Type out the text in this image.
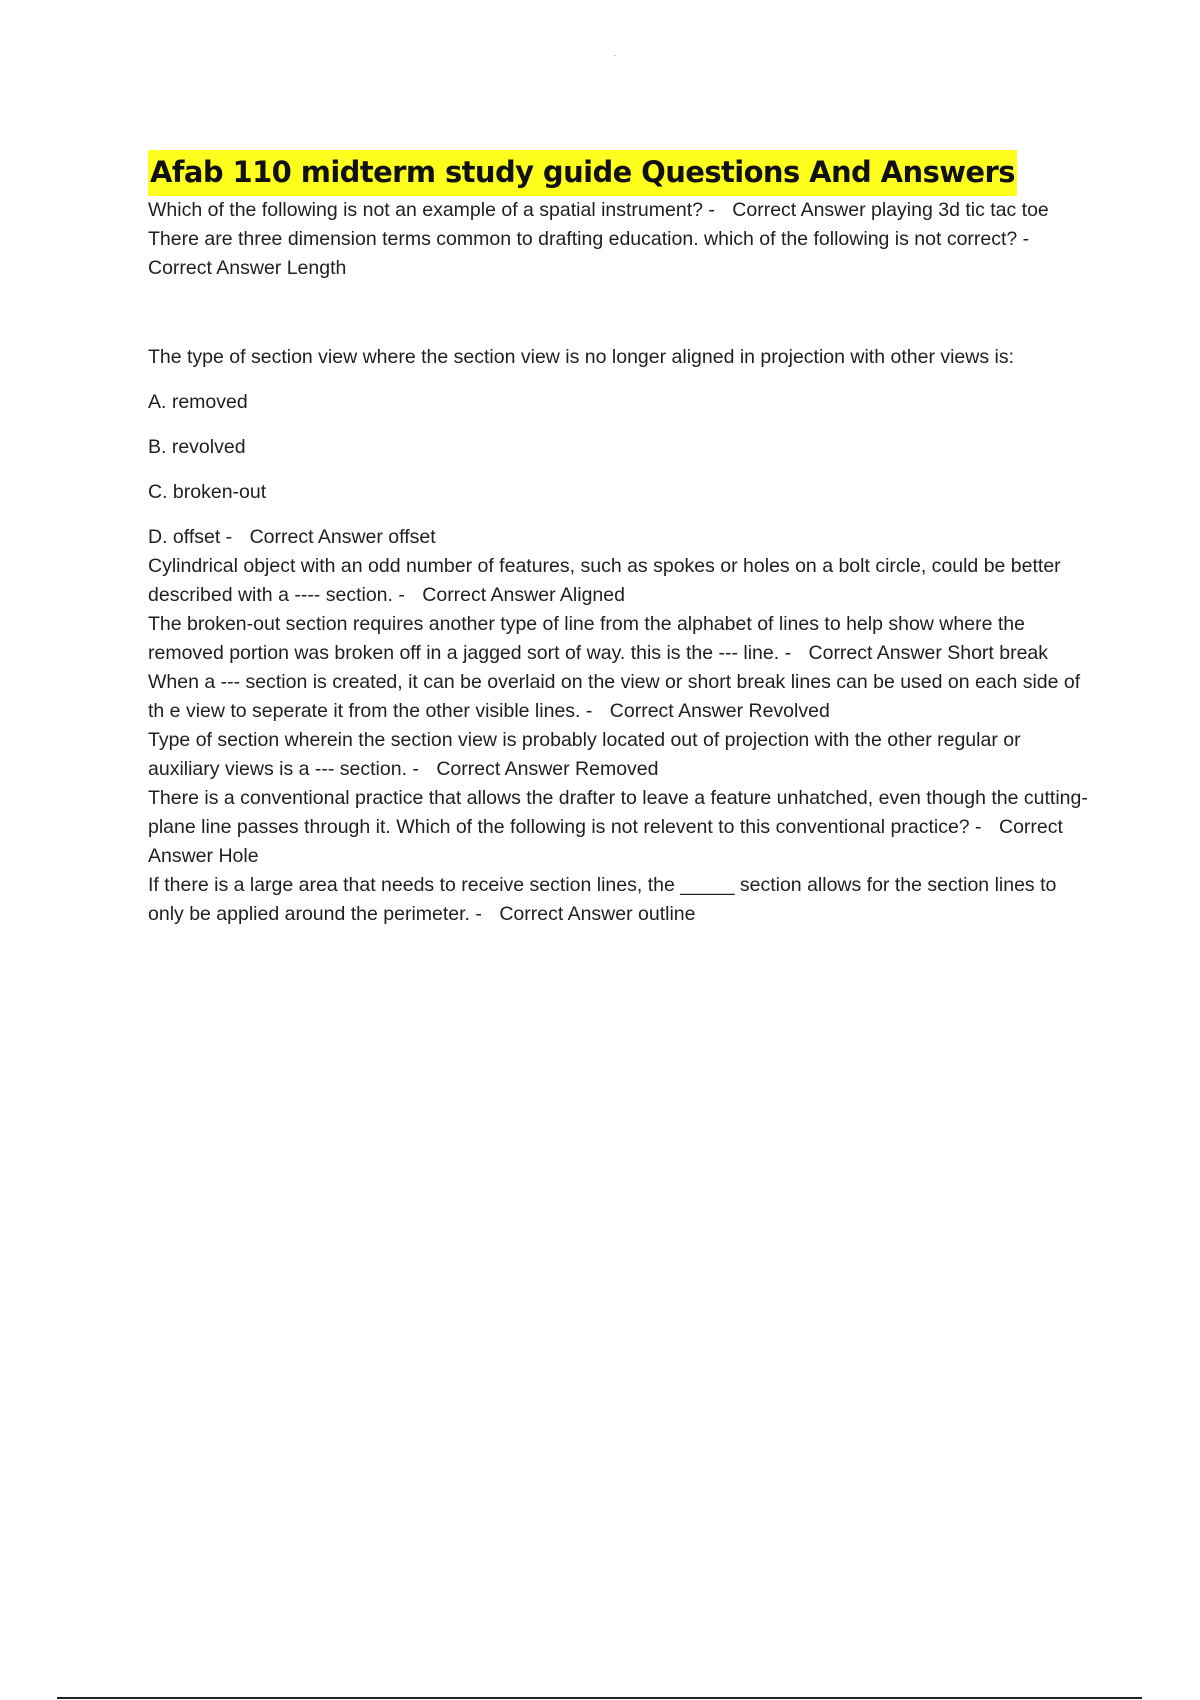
Afab 110 midterm study guide Questions And Answers

Which of the following is not an example of a spatial instrument? - Correct Answer playing 3d tic tac toe

There are three dimension terms common to drafting education. which of the following is not correct? - Correct Answer Length

The type of section view where the section view is no longer aligned in projection with other views is:

A. removed

B. revolved

C. broken-out

D. offset - Correct Answer offset

Cylindrical object with an odd number of features, such as spokes or holes on a bolt circle, could be better described with a ---- section. - Correct Answer Aligned

The broken-out section requires another type of line from the alphabet of lines to help show where the removed portion was broken off in a jagged sort of way. this is the --- line. - Correct Answer Short break

When a --- section is created, it can be overlaid on the view or short break lines can be used on each side of th e view to seperate it from the other visible lines. - Correct Answer Revolved

Type of section wherein the section view is probably located out of projection with the other regular or auxiliary views is a --- section. - Correct Answer Removed

There is a conventional practice that allows the drafter to leave a feature unhatched, even though the cutting-plane line passes through it. Which of the following is not relevent to this conventional practice? - Correct Answer Hole

If there is a large area that needs to receive section lines, the _____ section allows for the section lines to only be applied around the perimeter. - Correct Answer outline
